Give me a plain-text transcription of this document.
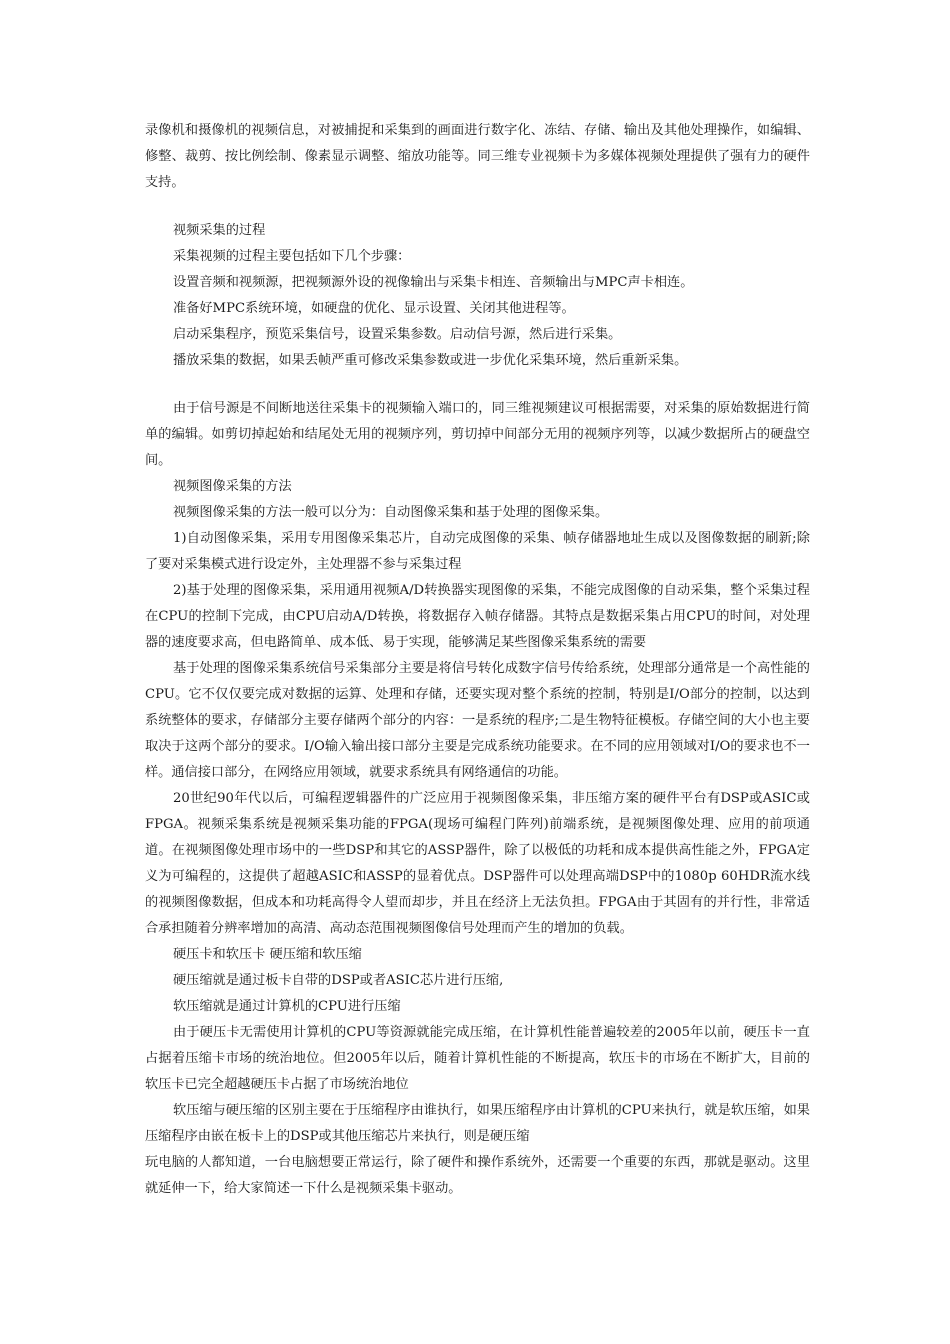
录像机和摄像机的视频信息，对被捕捉和采集到的画面进行数字化、冻结、存储、输出及其他处理操作，如编辑、修整、裁剪、按比例绘制、像素显示调整、缩放功能等。同三维专业视频卡为多媒体视频处理提供了强有力的硬件支持。

视频采集的过程

采集视频的过程主要包括如下几个步骤：

设置音频和视频源，把视频源外设的视像输出与采集卡相连、音频输出与MPC声卡相连。

准备好MPC系统环境，如硬盘的优化、显示设置、关闭其他进程等。

启动采集程序，预览采集信号，设置采集参数。启动信号源，然后进行采集。

播放采集的数据，如果丢帧严重可修改采集参数或进一步优化采集环境，然后重新采集。

由于信号源是不间断地送往采集卡的视频输入端口的，同三维视频建议可根据需要，对采集的原始数据进行简单的编辑。如剪切掉起始和结尾处无用的视频序列，剪切掉中间部分无用的视频序列等，以减少数据所占的硬盘空间。

视频图像采集的方法

视频图像采集的方法一般可以分为：自动图像采集和基于处理的图像采集。

1)自动图像采集，采用专用图像采集芯片，自动完成图像的采集、帧存储器地址生成以及图像数据的刷新;除了要对采集模式进行设定外，主处理器不参与采集过程

2)基于处理的图像采集，采用通用视频A/D转换器实现图像的采集，不能完成图像的自动采集，整个采集过程在CPU的控制下完成，由CPU启动A/D转换，将数据存入帧存储器。其特点是数据采集占用CPU的时间，对处理器的速度要求高，但电路简单、成本低、易于实现，能够满足某些图像采集系统的需要

基于处理的图像采集系统信号采集部分主要是将信号转化成数字信号传给系统，处理部分通常是一个高性能的CPU。它不仅仅要完成对数据的运算、处理和存储，还要实现对整个系统的控制，特别是I/O部分的控制，以达到系统整体的要求，存储部分主要存储两个部分的内容：一是系统的程序;二是生物特征模板。存储空间的大小也主要取决于这两个部分的要求。I/O输入输出接口部分主要是完成系统功能要求。在不同的应用领域对I/O的要求也不一样。通信接口部分，在网络应用领域，就要求系统具有网络通信的功能。

20世纪90年代以后，可编程逻辑器件的广泛应用于视频图像采集，非压缩方案的硬件平台有DSP或ASIC或FPGA。视频采集系统是视频采集功能的FPGA(现场可编程门阵列)前端系统，是视频图像处理、应用的前项通道。在视频图像处理市场中的一些DSP和其它的ASSP器件，除了以极低的功耗和成本提供高性能之外，FPGA定义为可编程的，这提供了超越ASIC和ASSP的显着优点。DSP器件可以处理高端DSP中的1080p 60HDR流水线的视频图像数据，但成本和功耗高得令人望而却步，并且在经济上无法负担。FPGA由于其固有的并行性，非常适合承担随着分辨率增加的高清、高动态范围视频图像信号处理而产生的增加的负载。

硬压卡和软压卡 硬压缩和软压缩

硬压缩就是通过板卡自带的DSP或者ASIC芯片进行压缩,

软压缩就是通过计算机的CPU进行压缩

由于硬压卡无需使用计算机的CPU等资源就能完成压缩，在计算机性能普遍较差的2005年以前，硬压卡一直占据着压缩卡市场的统治地位。但2005年以后，随着计算机性能的不断提高，软压卡的市场在不断扩大，目前的软压卡已完全超越硬压卡占据了市场统治地位

软压缩与硬压缩的区别主要在于压缩程序由谁执行，如果压缩程序由计算机的CPU来执行，就是软压缩，如果压缩程序由嵌在板卡上的DSP或其他压缩芯片来执行，则是硬压缩

玩电脑的人都知道，一台电脑想要正常运行，除了硬件和操作系统外，还需要一个重要的东西，那就是驱动。这里就延伸一下，给大家简述一下什么是视频采集卡驱动。
